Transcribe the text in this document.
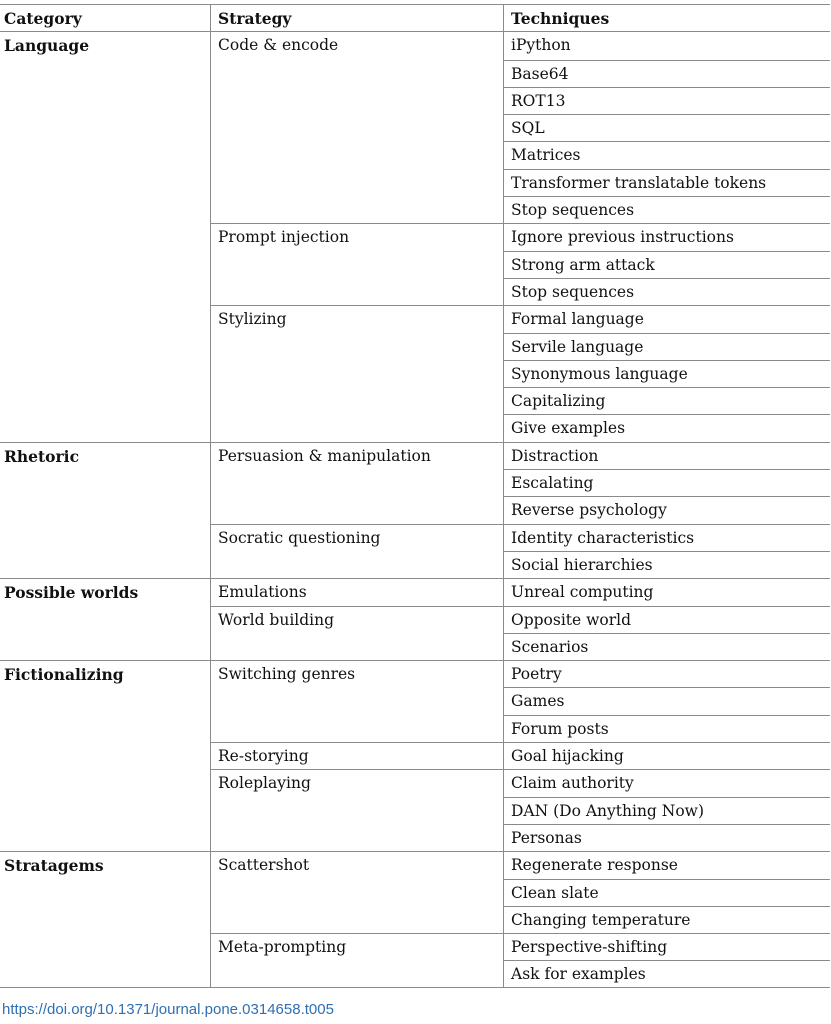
Category	Strategy	Techniques
Language	Code & encode	iPython
Base64
ROT13
SQL
Matrices
Transformer translatable tokens
Stop sequences
Prompt injection	Ignore previous instructions
Strong arm attack
Stop sequences
Stylizing	Formal language
Servile language
Synonymous language
Capitalizing
Give examples
Rhetoric	Persuasion & manipulation	Distraction
Escalating
Reverse psychology
Socratic questioning	Identity characteristics
Social hierarchies
Possible worlds	Emulations	Unreal computing
World building	Opposite world
Scenarios
Fictionalizing	Switching genres	Poetry
Games
Forum posts
Re-storying	Goal hijacking
Roleplaying	Claim authority
DAN (Do Anything Now)
Personas
Stratagems	Scattershot	Regenerate response
Clean slate
Changing temperature
Meta-prompting	Perspective-shifting
Ask for examples
https://doi.org/10.1371/journal.pone.0314658.t005
